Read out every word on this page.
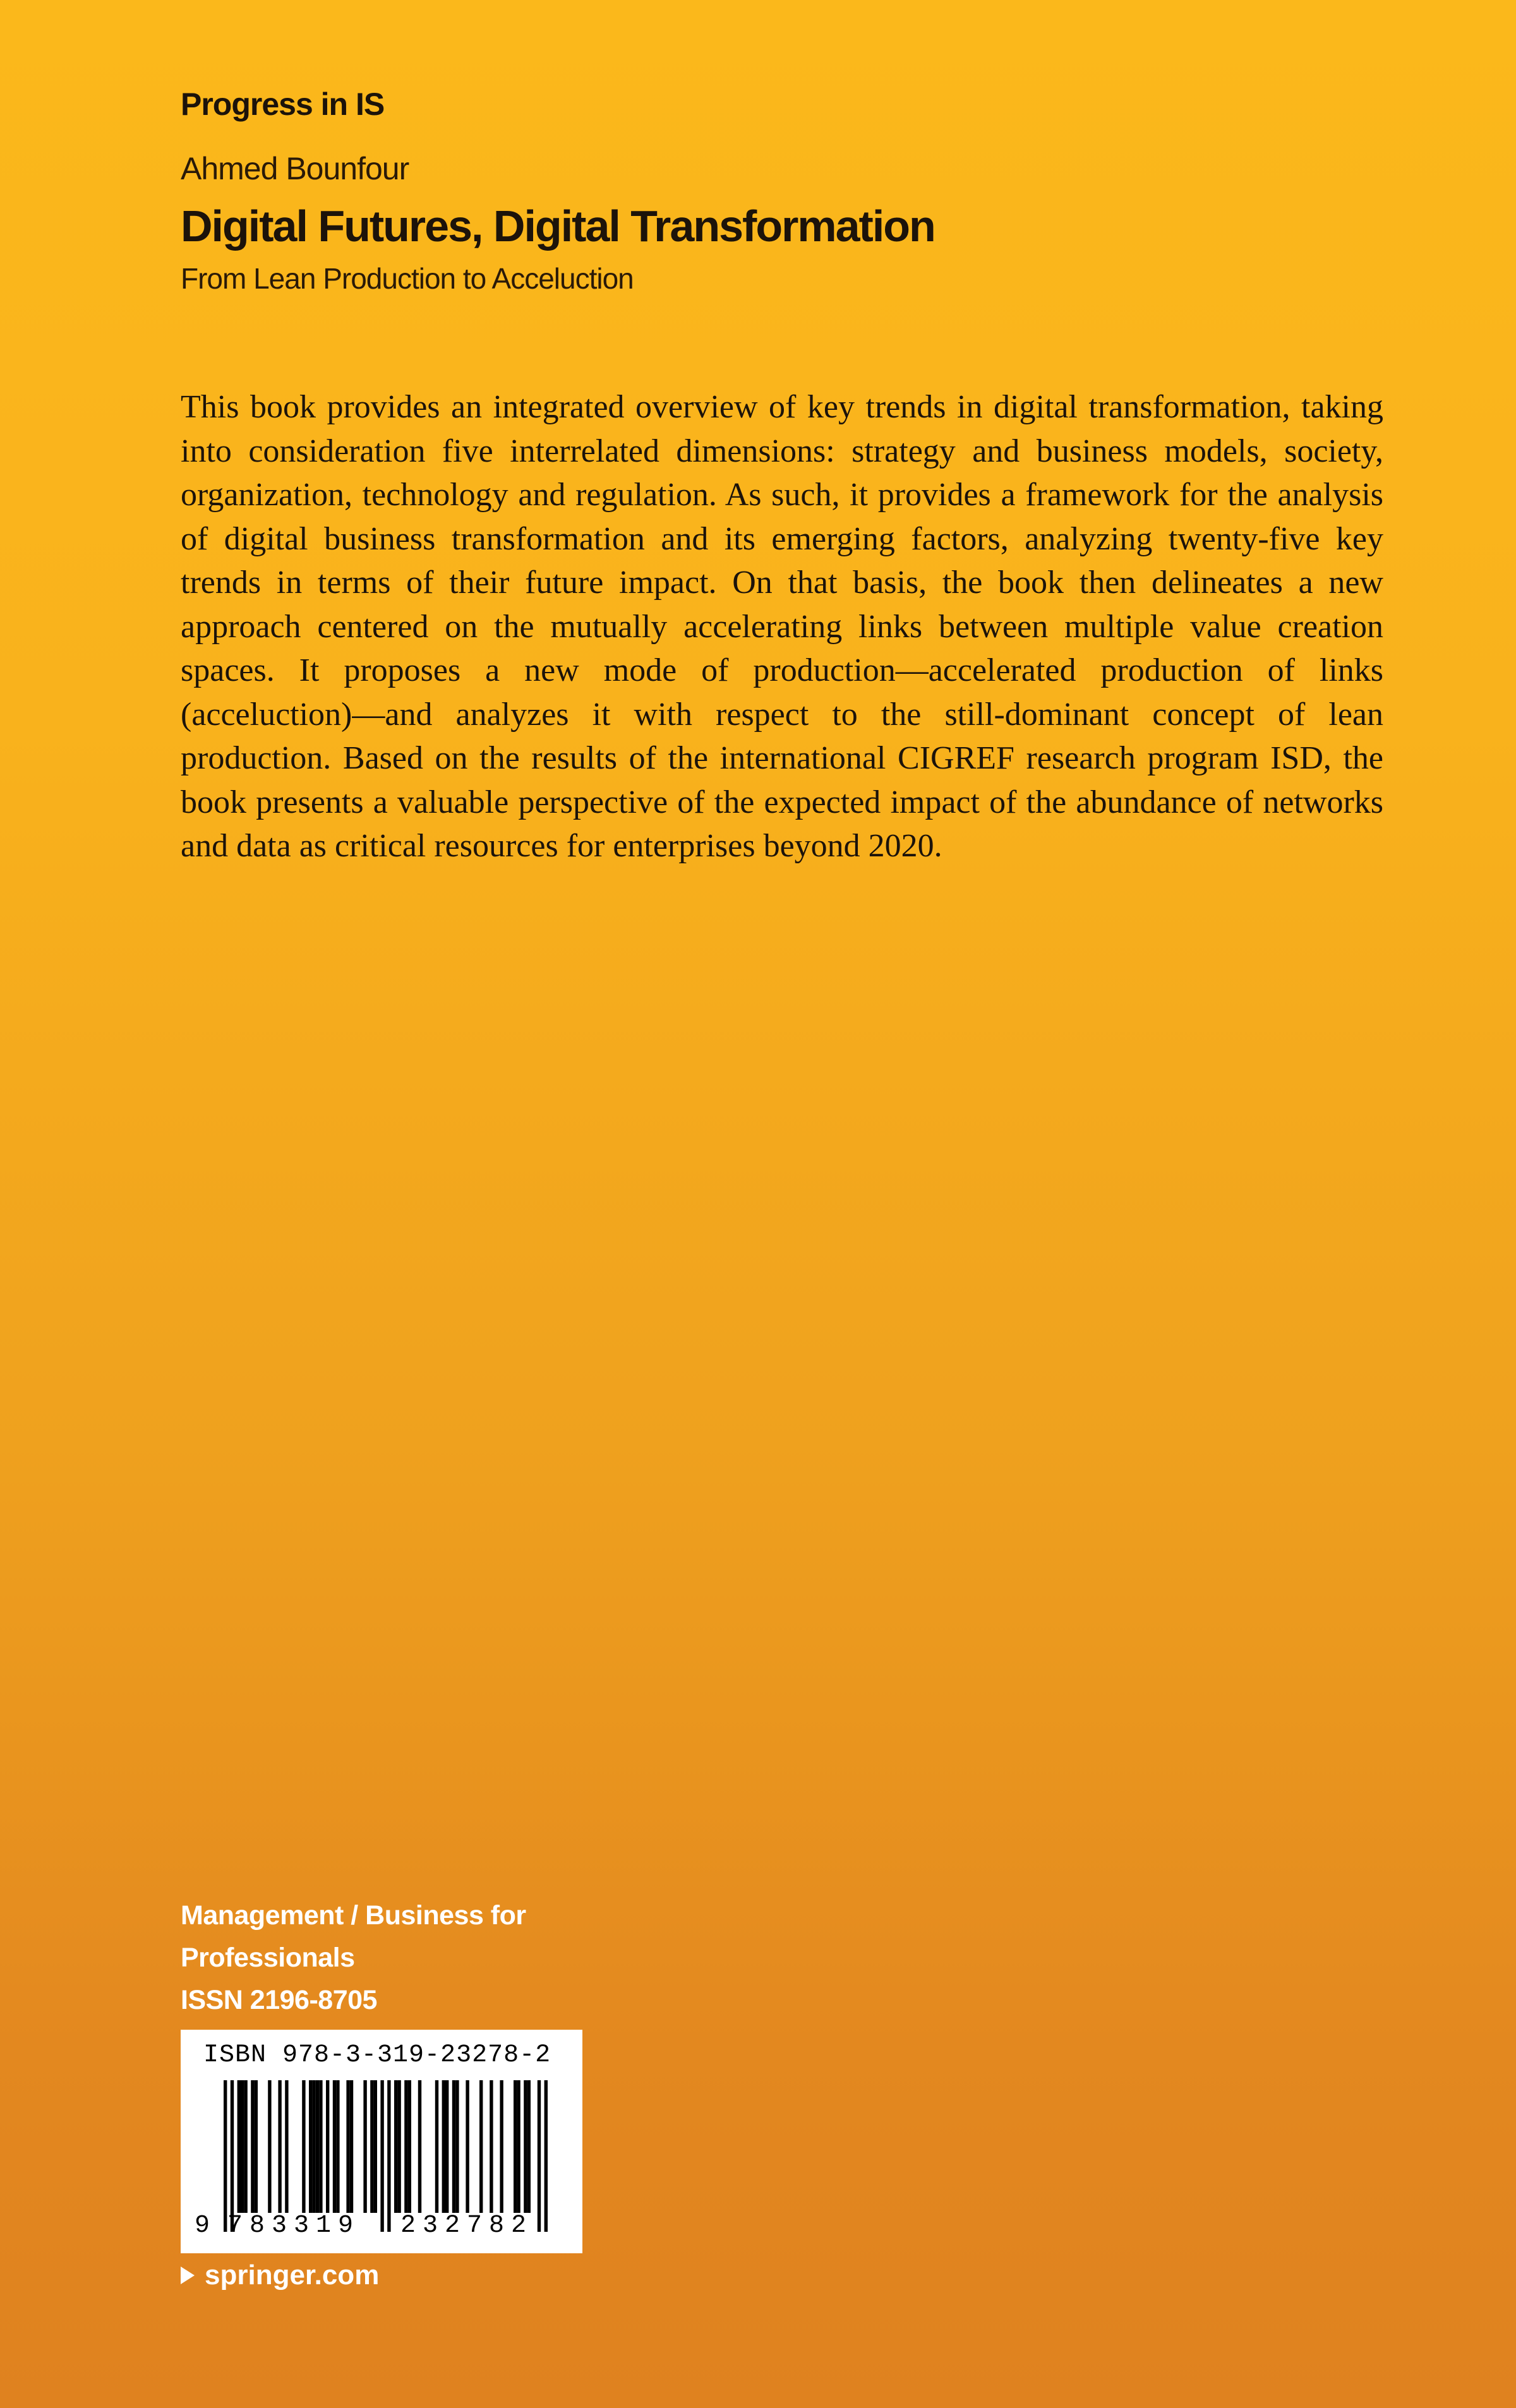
Progress in IS
Ahmed Bounfour
Digital Futures, Digital Transformation
From Lean Production to Acceluction

This book provides an integrated overview of key trends in digital transformation, taking into consideration five interrelated dimensions: strategy and business models, society, organization, technology and regulation. As such, it provides a framework for the analysis of digital business transformation and its emerging factors, analyzing twenty-five key trends in terms of their future impact. On that basis, the book then delineates a new approach centered on the mutually accelerating links between multiple value creation spaces. It proposes a new mode of production—accelerated production of links (acceluction)—and analyzes it with respect to the still-dominant concept of lean production. Based on the results of the international CIGREF research program ISD, the book presents a valuable perspective of the expected impact of the abundance of networks and data as critical resources for enterprises beyond 2020.

Management / Business for
Professionals
ISSN 2196-8705
ISBN 978-3-319-23278-2
9 783319 232782
springer.com
